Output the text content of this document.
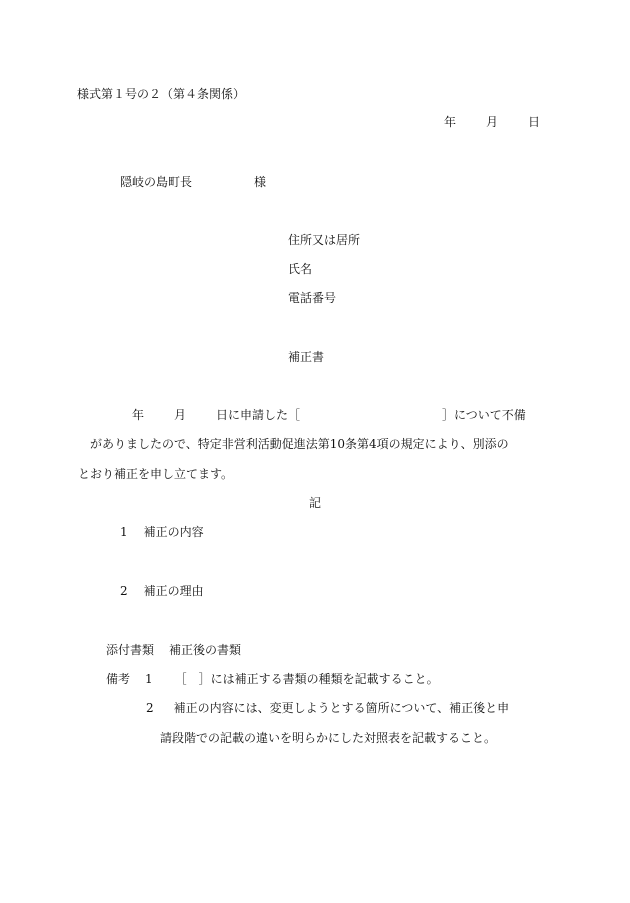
様式第１号の２（第４条関係）
年	月	日
隠岐の島町長	様
住所又は居所
氏名
電話番号
補正書
年	月	日に申請した［	］について不備
がありましたので、特定非営利活動促進法第10条第4項の規定により、別添の
とおり補正を申し立てます。
記
1 補正の内容
2 補正の理由
添付書類 補正後の書類
備考 1 ［　］には補正する書類の種類を記載すること。
2 補正の内容には、変更しようとする箇所について、補正後と申
請段階での記載の違いを明らかにした対照表を記載すること。
